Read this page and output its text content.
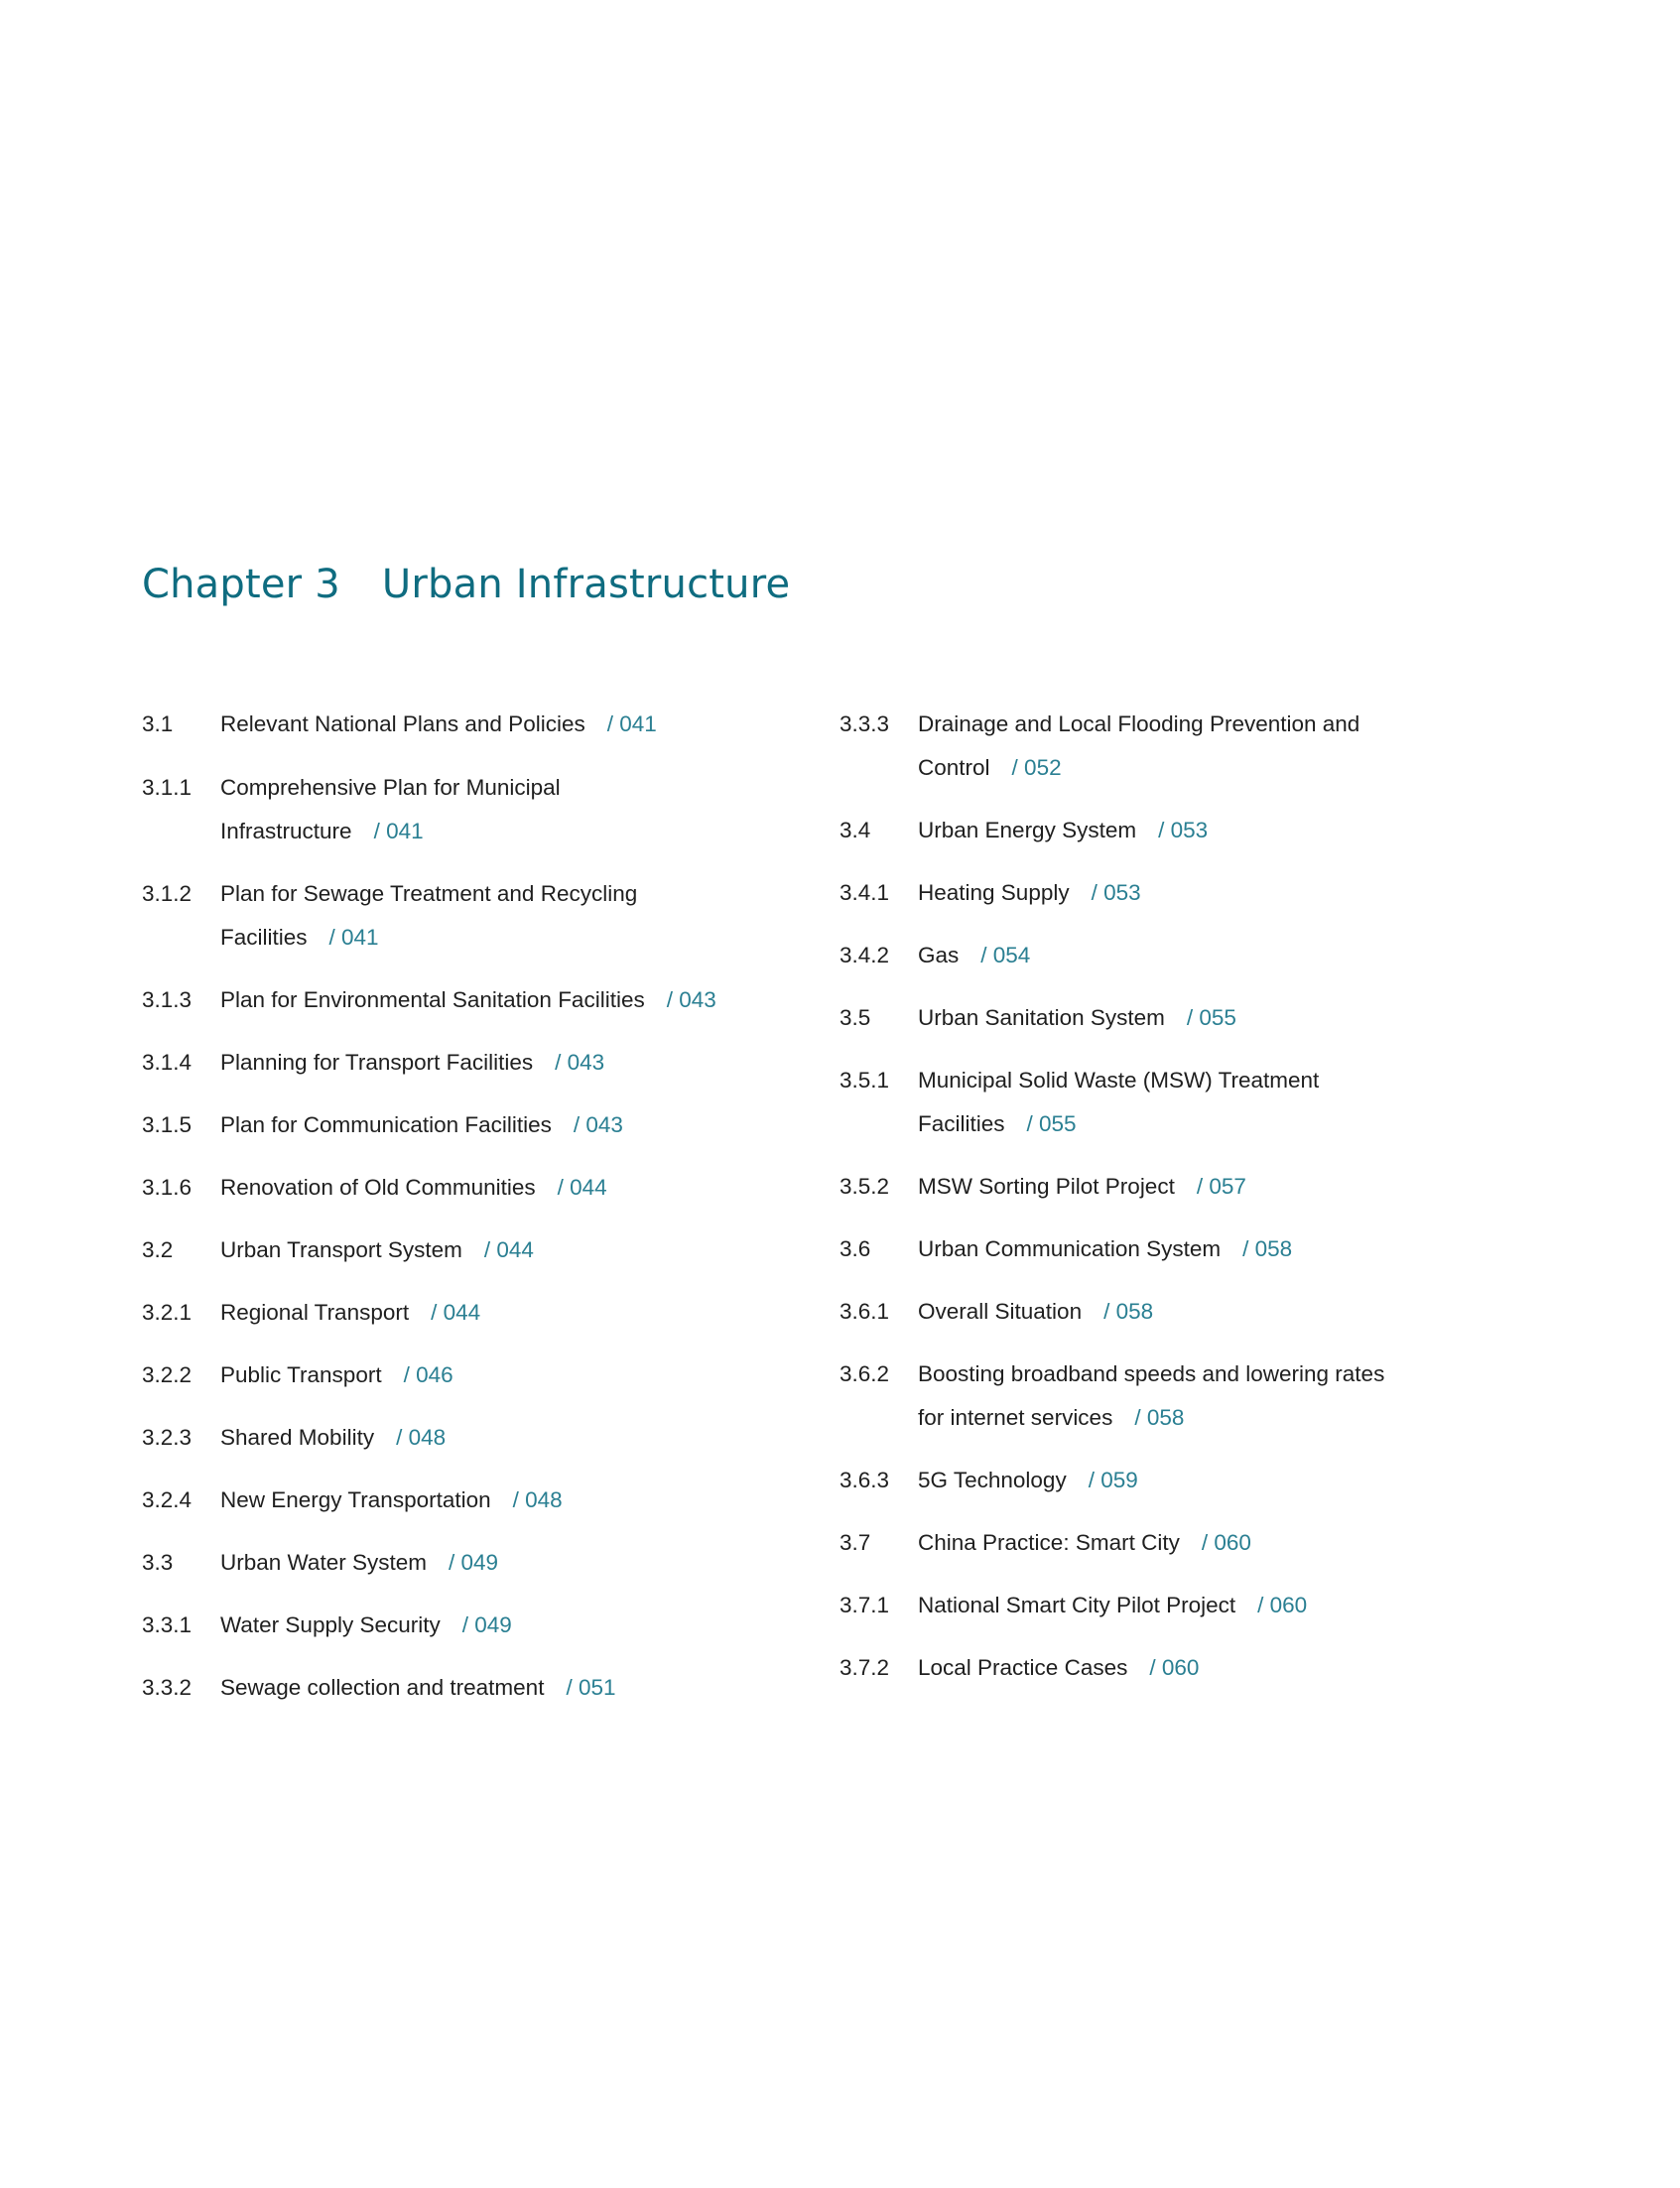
Chapter 3 Urban Infrastructure
3.1	Relevant National Plans and Policies / 041
3.1.1	Comprehensive Plan for Municipal Infrastructure / 041
3.1.2	Plan for Sewage Treatment and Recycling Facilities / 041
3.1.3	Plan for Environmental Sanitation Facilities / 043
3.1.4	Planning for Transport Facilities / 043
3.1.5	Plan for Communication Facilities / 043
3.1.6	Renovation of Old Communities / 044
3.2	Urban Transport System / 044
3.2.1	Regional Transport / 044
3.2.2	Public Transport / 046
3.2.3	Shared Mobility / 048
3.2.4	New Energy Transportation / 048
3.3	Urban Water System / 049
3.3.1	Water Supply Security / 049
3.3.2	Sewage collection and treatment / 051
3.3.3	Drainage and Local Flooding Prevention and Control / 052
3.4	Urban Energy System / 053
3.4.1	Heating Supply / 053
3.4.2	Gas / 054
3.5	Urban Sanitation System / 055
3.5.1	Municipal Solid Waste (MSW) Treatment Facilities / 055
3.5.2	MSW Sorting Pilot Project / 057
3.6	Urban Communication System / 058
3.6.1	Overall Situation / 058
3.6.2	Boosting broadband speeds and lowering rates for internet services / 058
3.6.3	5G Technology / 059
3.7	China Practice: Smart City / 060
3.7.1	National Smart City Pilot Project / 060
3.7.2	Local Practice Cases / 060
